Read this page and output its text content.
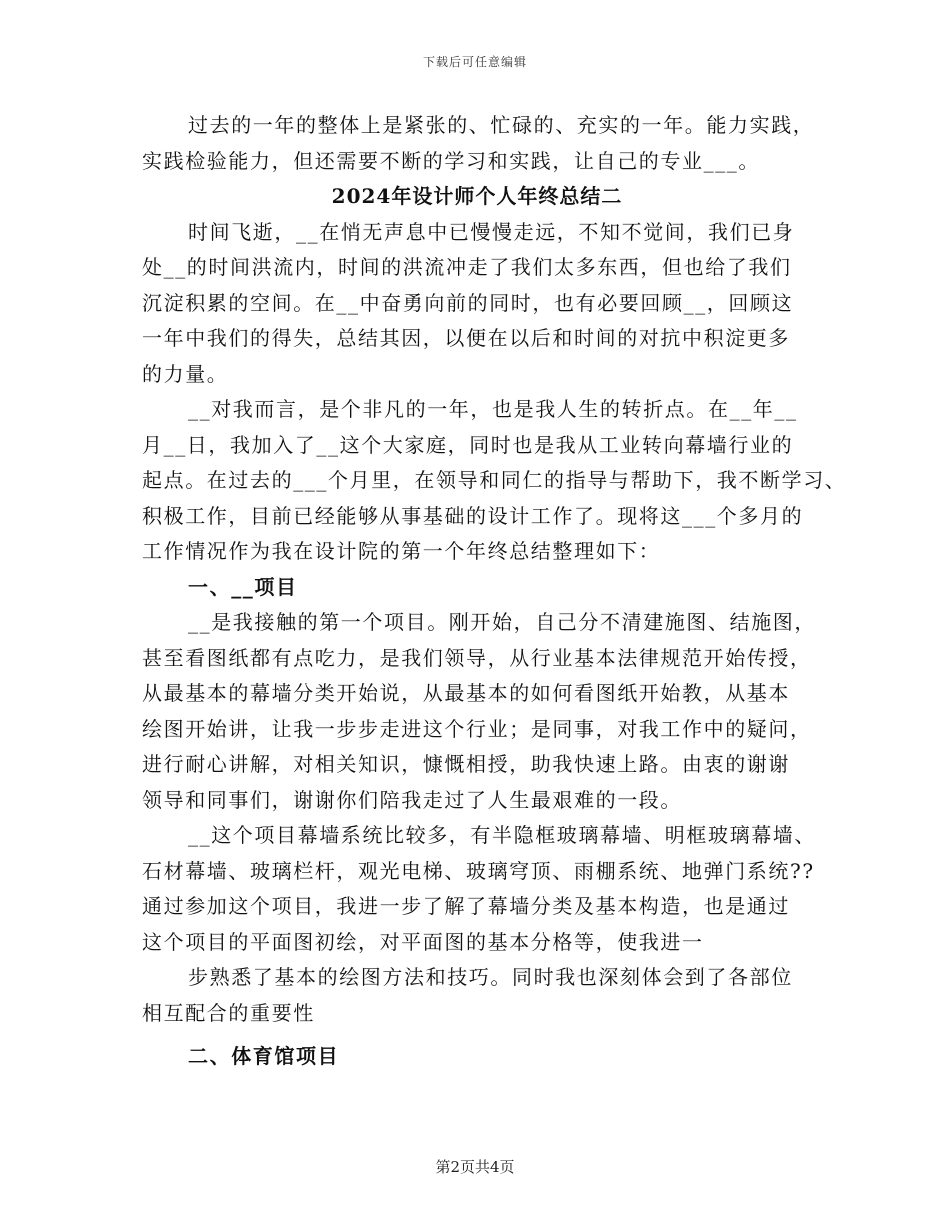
下载后可任意编辑
过去的一年的整体上是紧张的、忙碌的、充实的一年。能力实践，
实践检验能力，但还需要不断的学习和实践，让自己的专业___。
2024年设计师个人年终总结二
时间飞逝，__在悄无声息中已慢慢走远，不知不觉间，我们已身
处__的时间洪流内，时间的洪流冲走了我们太多东西，但也给了我们
沉淀积累的空间。在__中奋勇向前的同时，也有必要回顾__，回顾这
一年中我们的得失，总结其因，以便在以后和时间的对抗中积淀更多
的力量。
__对我而言，是个非凡的一年，也是我人生的转折点。在__年__
月__日，我加入了__这个大家庭，同时也是我从工业转向幕墙行业的
起点。在过去的___个月里，在领导和同仁的指导与帮助下，我不断学习、
积极工作，目前已经能够从事基础的设计工作了。现将这___个多月的
工作情况作为我在设计院的第一个年终总结整理如下：
一、__项目
__是我接触的第一个项目。刚开始，自己分不清建施图、结施图，
甚至看图纸都有点吃力，是我们领导，从行业基本法律规范开始传授，
从最基本的幕墙分类开始说，从最基本的如何看图纸开始教，从基本
绘图开始讲，让我一步步走进这个行业；是同事，对我工作中的疑问，
进行耐心讲解，对相关知识，慷慨相授，助我快速上路。由衷的谢谢
领导和同事们，谢谢你们陪我走过了人生最艰难的一段。
__这个项目幕墙系统比较多，有半隐框玻璃幕墙、明框玻璃幕墙、
石材幕墙、玻璃栏杆，观光电梯、玻璃穹顶、雨棚系统、地弹门系统??
通过参加这个项目，我进一步了解了幕墙分类及基本构造，也是通过
这个项目的平面图初绘，对平面图的基本分格等，使我进一
步熟悉了基本的绘图方法和技巧。同时我也深刻体会到了各部位
相互配合的重要性
二、体育馆项目
第2页共4页
